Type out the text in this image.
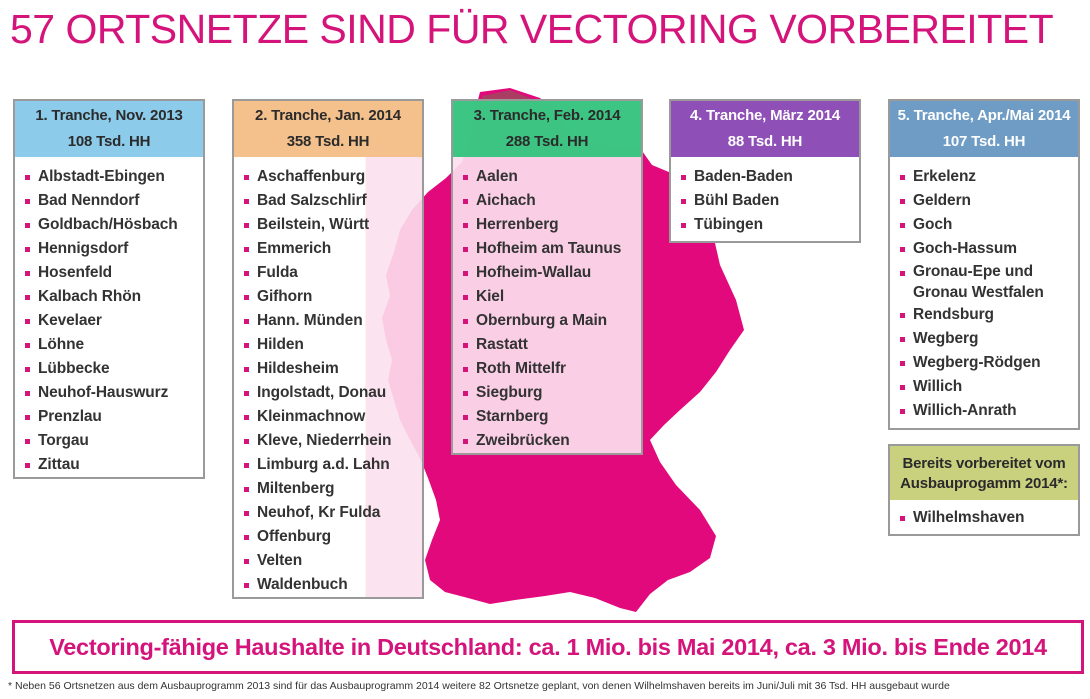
57 ORTSNETZE SIND FÜR VECTORING VORBEREITET
1. Tranche, Nov. 2013
108 Tsd. HH
Albstadt-Ebingen
Bad Nenndorf
Goldbach/Hösbach
Hennigsdorf
Hosenfeld
Kalbach Rhön
Kevelaer
Löhne
Lübbecke
Neuhof-Hauswurz
Prenzlau
Torgau
Zittau
2. Tranche, Jan. 2014
358 Tsd. HH
Aschaffenburg
Bad Salzschlirf
Beilstein, Württ
Emmerich
Fulda
Gifhorn
Hann. Münden
Hilden
Hildesheim
Ingolstadt, Donau
Kleinmachnow
Kleve, Niederrhein
Limburg a.d. Lahn
Miltenberg
Neuhof, Kr Fulda
Offenburg
Velten
Waldenbuch
3. Tranche, Feb. 2014
288 Tsd. HH
Aalen
Aichach
Herrenberg
Hofheim am Taunus
Hofheim-Wallau
Kiel
Obernburg a Main
Rastatt
Roth Mittelfr
Siegburg
Starnberg
Zweibrücken
4. Tranche, März 2014
88 Tsd. HH
Baden-Baden
Bühl Baden
Tübingen
5. Tranche, Apr./Mai 2014
107 Tsd. HH
Erkelenz
Geldern
Goch
Goch-Hassum
Gronau-Epe und
Gronau Westfalen
Rendsburg
Wegberg
Wegberg-Rödgen
Willich
Willich-Anrath
Bereits vorbereitet vom
Ausbauprogamm 2014*:
Wilhelmshaven
Vectoring-fähige Haushalte in Deutschland: ca. 1 Mio. bis Mai 2014, ca. 3 Mio. bis Ende 2014
* Neben 56 Ortsnetzen aus dem Ausbauprogramm 2013 sind für das Ausbauprogramm 2014 weitere 82 Ortsnetze geplant, von denen Wilhelmshaven bereits im Juni/Juli mit 36 Tsd. HH ausgebaut wurde
